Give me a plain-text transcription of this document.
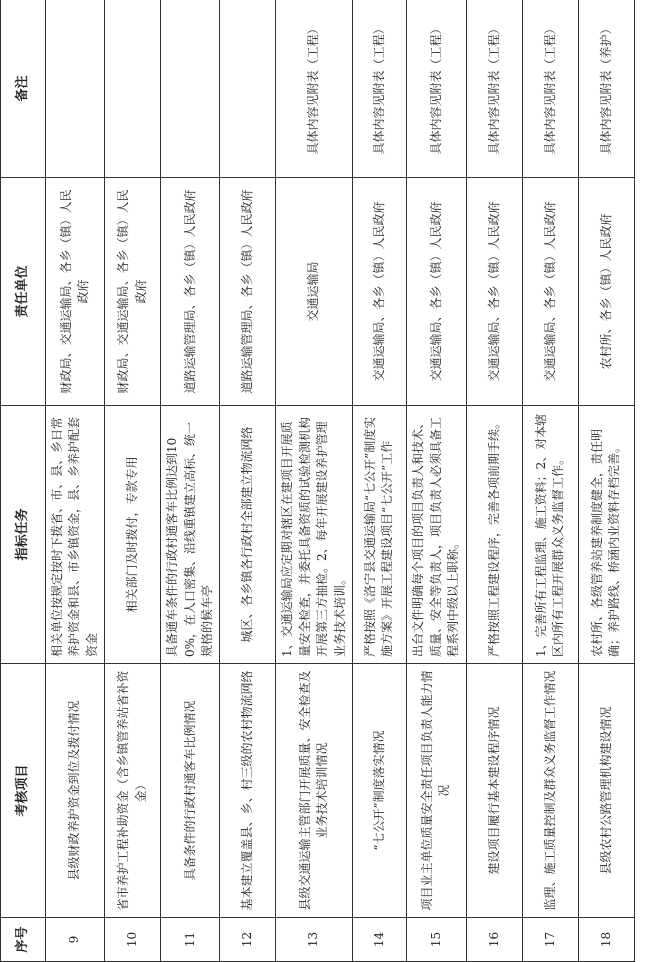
序号	考核项目	指标任务	责任单位	备注
9	县级财政养护资金到位及拨付情况	相关单位按规定按时下拨省、市、县、乡日常养护资金和县、市乡镇资金，县、乡养护配套资金	财政局、交通运输局、各乡（镇）人民政府	
10	省市养护工程补助资金（含乡镇管养站省补资金）	相关部门及时拨付，专款专用	财政局、交通运输局、各乡（镇）人民政府	
11	具备条件的行政村通客车比例情况	具备通车条件的行政村通客车比例达到100%，在人口密集、沿线重镇建立高标、统一规格的候车亭	道路运输管理局、各乡（镇）人民政府	
12	基本建立覆盖县、乡、村三级的农村物流网络	城区、各乡镇各行政村全部建立物流网络	道路运输管理局、各乡（镇）人民政府	
13	县级交通运输主管部门开展质量、安全检查及业务技术培训情况	1、交通运输局应定期对辖区在建项目开展质量安全检查，并委托具备资质的试验检测机构开展第三方抽检。2、每年开展建设养护管理业务技术培训。	交通运输局	具体内容见附表（工程）
14	“七公开”制度落实情况	严格按照《洛宁县交通运输局“七公开”制度实施方案》开展工程建设项目“七公开”工作	交通运输局、各乡（镇）人民政府	具体内容见附表（工程）
15	项目业主单位质量安全责任项目负责人能力情况	出台文件明确每个项目的项目负责人和技术、质量、安全等负责人，项目负责人必须具备工程系列中级以上职称。	交通运输局、各乡（镇）人民政府	具体内容见附表（工程）
16	建设项目履行基本建设程序情况	严格按照工程建设程序，完善各项前期手续。	交通运输局、各乡（镇）人民政府	具体内容见附表（工程）
17	监理、施工质量控制及群众义务监督工作情况	1、完善所有工程监理、施工资料；2、对本辖区内所有工程开展群众义务监督工作。	交通运输局、各乡（镇）人民政府	具体内容见附表（工程）
18	县级农村公路管理机构建设情况	农村所、各级管养站建养制度健全，责任明确；养护路线、桥涵内业资料存档完善。	农村所、各乡（镇）人民政府	具体内容见附表（养护）
